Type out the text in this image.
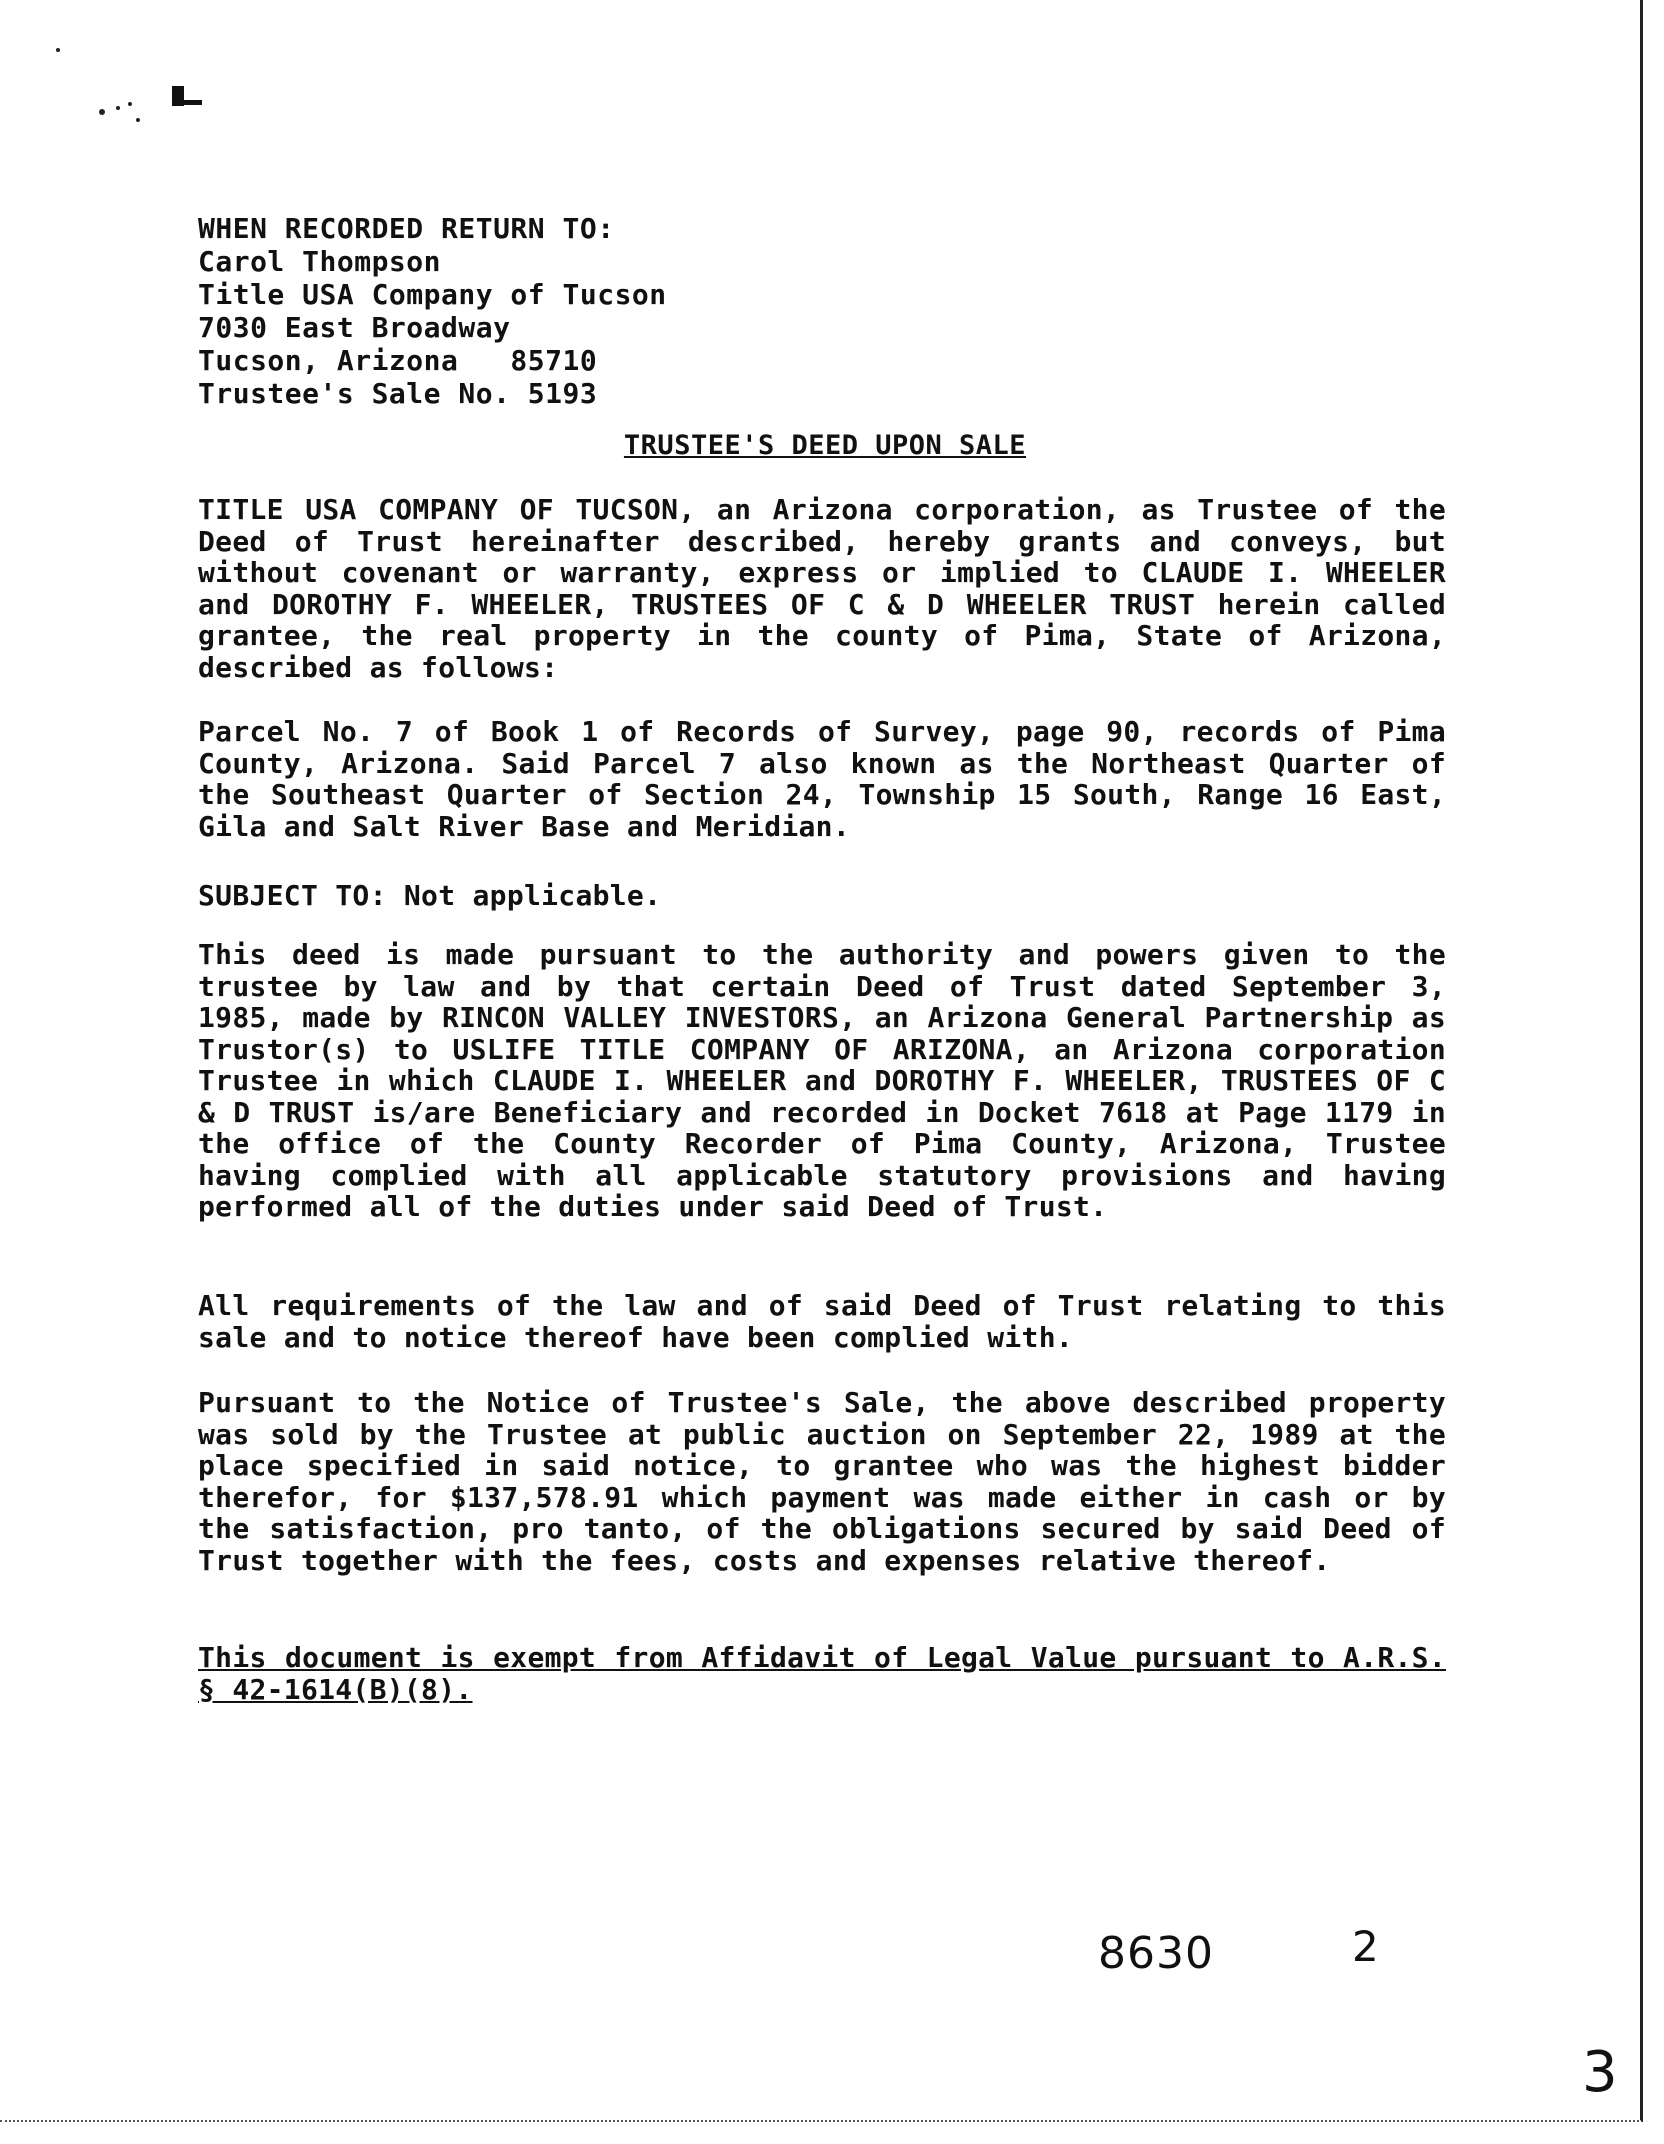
WHEN RECORDED RETURN TO:
Carol Thompson
Title USA Company of Tucson
7030 East Broadway
Tucson, Arizona   85710
Trustee's Sale No. 5193
TRUSTEE'S DEED UPON SALE
TITLE USA COMPANY OF TUCSON, an Arizona corporation, as Trustee of the Deed of Trust hereinafter described, hereby grants and conveys, but without covenant or warranty, express or implied to CLAUDE I. WHEELER and DOROTHY F. WHEELER, TRUSTEES OF C & D WHEELER TRUST herein called grantee, the real property in the county of Pima, State of Arizona, described as follows:
Parcel No. 7 of Book 1 of Records of Survey, page 90, records of Pima County, Arizona. Said Parcel 7 also known as the Northeast Quarter of the Southeast Quarter of Section 24, Township 15 South, Range 16 East, Gila and Salt River Base and Meridian.
SUBJECT TO: Not applicable.
This deed is made pursuant to the authority and powers given to the trustee by law and by that certain Deed of Trust dated September 3, 1985, made by RINCON VALLEY INVESTORS, an Arizona General Partnership as Trustor(s) to USLIFE TITLE COMPANY OF ARIZONA, an Arizona corporation Trustee in which CLAUDE I. WHEELER and DOROTHY F. WHEELER, TRUSTEES OF C & D TRUST is/are Beneficiary and recorded in Docket 7618 at Page 1179 in the office of the County Recorder of Pima County, Arizona, Trustee having complied with all applicable statutory provisions and having performed all of the duties under said Deed of Trust.
All requirements of the law and of said Deed of Trust relating to this sale and to notice thereof have been complied with.
Pursuant to the Notice of Trustee's Sale, the above described property was sold by the Trustee at public auction on September 22, 1989 at the place specified in said notice, to grantee who was the highest bidder therefor, for $137,578.91 which payment was made either in cash or by the satisfaction, pro tanto, of the obligations secured by said Deed of Trust together with the fees, costs and expenses relative thereof.
This document is exempt from Affidavit of Legal Value pursuant to A.R.S. § 42-1614(B)(8).
8630	2
3
